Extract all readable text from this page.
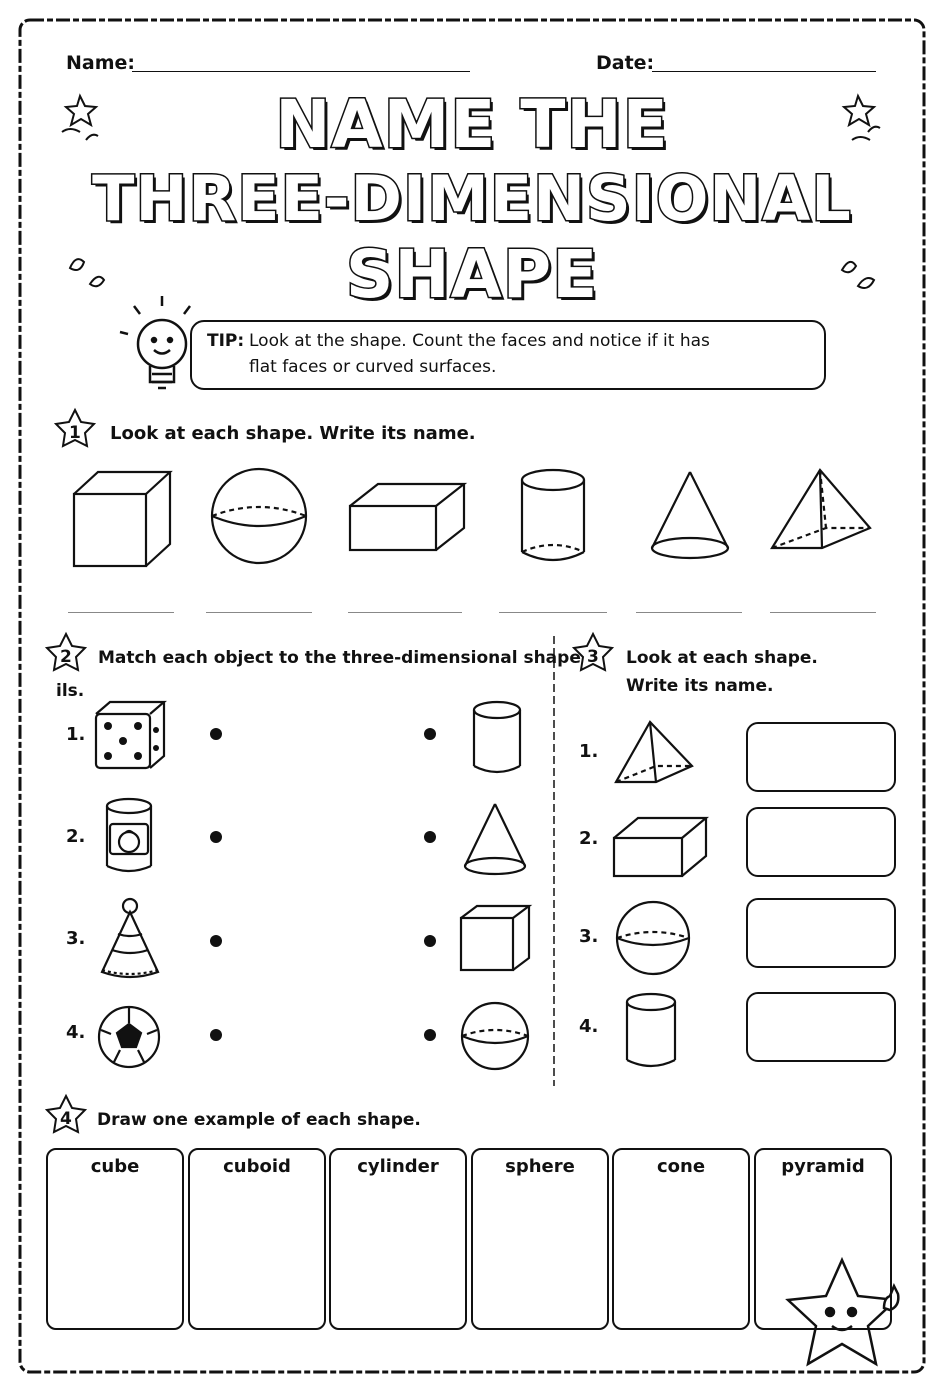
Name:	Date:
NAME THE
THREE-DIMENSIONAL
SHAPE
TIP: Look at the shape. Count the faces and notice if it has
flat faces or curved surfaces.
1 Look at each shape. Write its name.
2 Match each object to the three-dimensional shape
ils.
1.
2.
3.
4.
3 Look at each shape.
Write its name.
1.
2.
3.
4.
4 Draw one example of each shape.
cube	cuboid	cylinder	sphere	cone	pyramid
